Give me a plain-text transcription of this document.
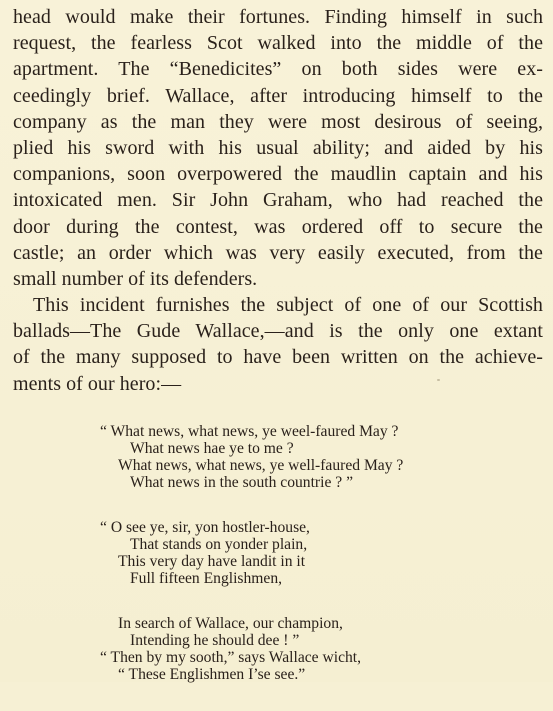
head would make their fortunes. Finding himself in such
request, the fearless Scot walked into the middle of the
apartment. The “Benedicites” on both sides were ex-
ceedingly brief. Wallace, after introducing himself to the
company as the man they were most desirous of seeing,
plied his sword with his usual ability; and aided by his
companions, soon overpowered the maudlin captain and his
intoxicated men. Sir John Graham, who had reached the
door during the contest, was ordered off to secure the
castle; an order which was very easily executed, from the
small number of its defenders.
This incident furnishes the subject of one of our Scottish
ballads—The Gude Wallace,—and is the only one extant
of the many supposed to have been written on the achieve-
ments of our hero:—
“ What news, what news, ye weel-faured May ?
What news hae ye to me ?
What news, what news, ye well-faured May ?
What news in the south countrie ? ”
“ O see ye, sir, yon hostler-house,
That stands on yonder plain,
This very day have landit in it
Full fifteen Englishmen,
In search of Wallace, our champion,
Intending he should dee ! ”
“ Then by my sooth,” says Wallace wicht,
“ These Englishmen I’se see.”
